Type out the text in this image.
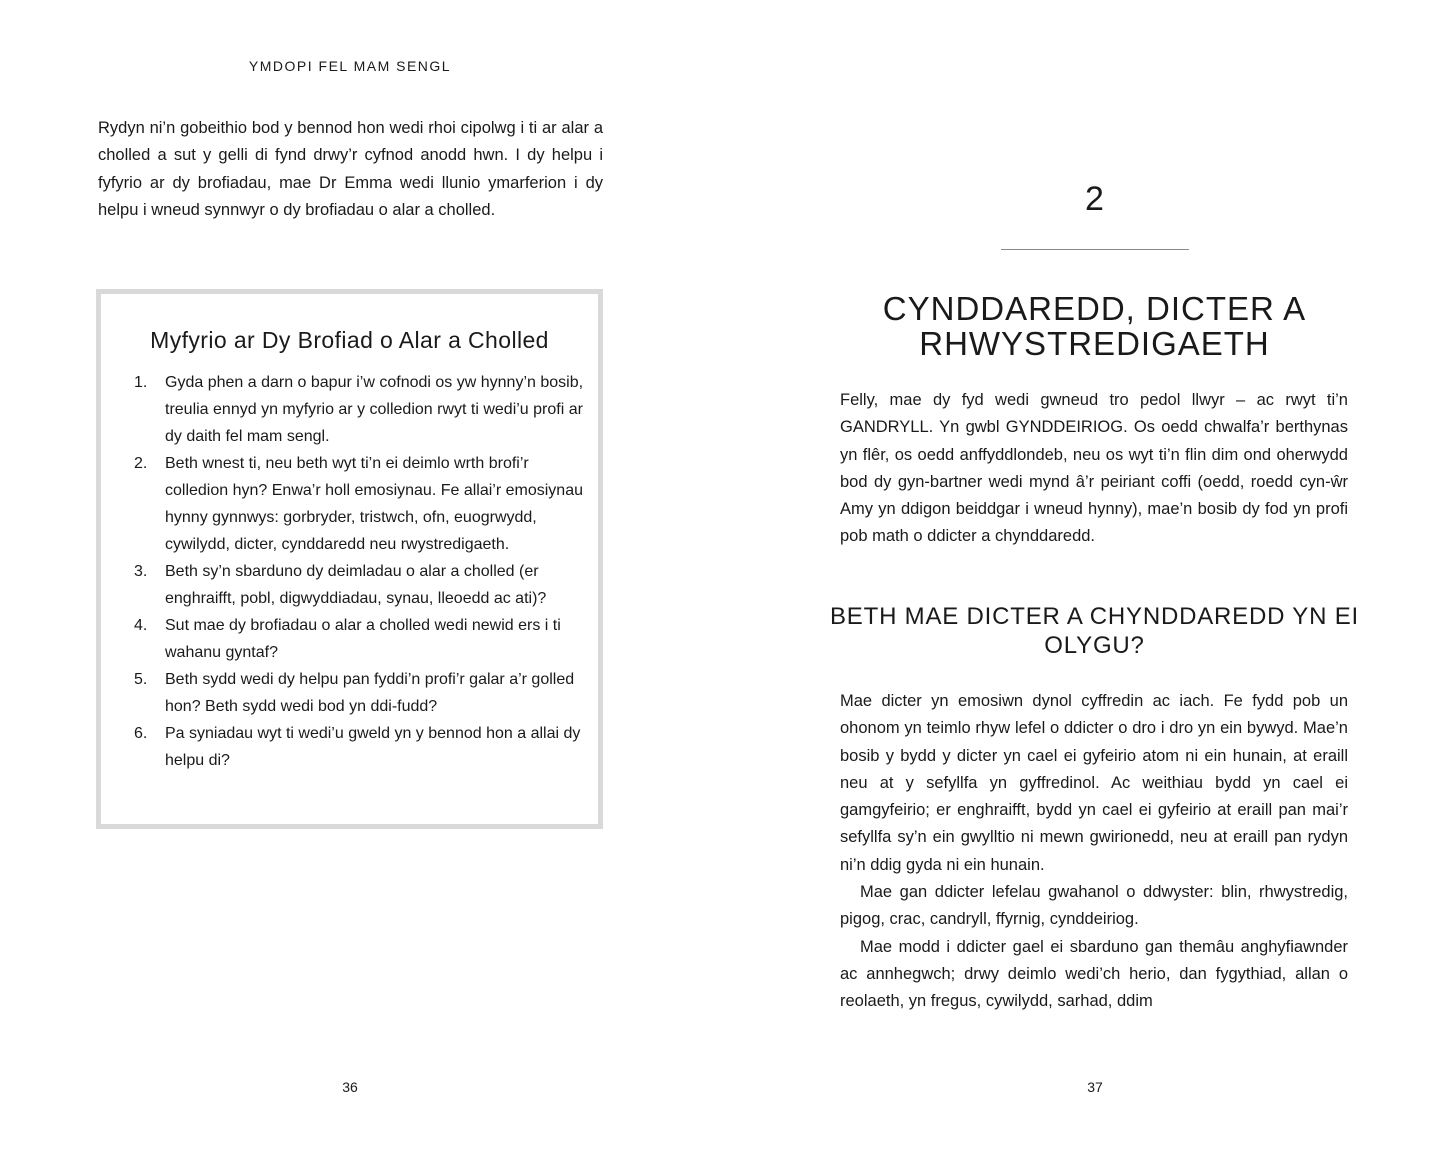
YMDOPI FEL MAM SENGL

Rydyn ni’n gobeithio bod y bennod hon wedi rhoi cipolwg i ti ar alar a cholled a sut y gelli di fynd drwy’r cyfnod anodd hwn. I dy helpu i fyfyrio ar dy brofiadau, mae Dr Emma wedi llunio ymarferion i dy helpu i wneud synnwyr o dy brofiadau o alar a cholled.

Myfyrio ar Dy Brofiad o Alar a Cholled
1.	Gyda phen a darn o bapur i’w cofnodi os yw hynny’n bosib, treulia ennyd yn myfyrio ar y colledion rwyt ti wedi’u profi ar dy daith fel mam sengl.
2.	Beth wnest ti, neu beth wyt ti’n ei deimlo wrth brofi’r colledion hyn? Enwa’r holl emosiynau. Fe allai’r emosiynau hynny gynnwys: gorbryder, tristwch, ofn, euogrwydd, cywilydd, dicter, cynddaredd neu rwystredigaeth.
3.	Beth sy’n sbarduno dy deimladau o alar a cholled (er enghraifft, pobl, digwyddiadau, synau, lleoedd ac ati)?
4.	Sut mae dy brofiadau o alar a cholled wedi newid ers i ti wahanu gyntaf?
5.	Beth sydd wedi dy helpu pan fyddi’n profi’r galar a’r golled hon? Beth sydd wedi bod yn ddi-fudd?
6.	Pa syniadau wyt ti wedi’u gweld yn y bennod hon a allai dy helpu di?
36
2
CYNDDAREDD, DICTER A RHWYSTREDIGAETH

Felly, mae dy fyd wedi gwneud tro pedol llwyr – ac rwyt ti’n GANDRYLL. Yn gwbl GYNDDEIRIOG. Os oedd chwalfa’r berthynas yn flêr, os oedd anffyddlondeb, neu os wyt ti’n flin dim ond oherwydd bod dy gyn-bartner wedi mynd â’r peiriant coffi (oedd, roedd cyn-ŵr Amy yn ddigon beiddgar i wneud hynny), mae’n bosib dy fod yn profi pob math o ddicter a chynddaredd.

BETH MAE DICTER A CHYNDDAREDD YN EI OLYGU?

Mae dicter yn emosiwn dynol cyffredin ac iach. Fe fydd pob un ohonom yn teimlo rhyw lefel o ddicter o dro i dro yn ein bywyd. Mae’n bosib y bydd y dicter yn cael ei gyfeirio atom ni ein hunain, at eraill neu at y sefyllfa yn gyffredinol. Ac weithiau bydd yn cael ei gamgyfeirio; er enghraifft, bydd yn cael ei gyfeirio at eraill pan mai’r sefyllfa sy’n ein gwylltio ni mewn gwirionedd, neu at eraill pan rydyn ni’n ddig gyda ni ein hunain.

Mae gan ddicter lefelau gwahanol o ddwyster: blin, rhwystredig, pigog, crac, candryll, ffyrnig, cynddeiriog.

Mae modd i ddicter gael ei sbarduno gan themâu anghyfiawnder ac annhegwch; drwy deimlo wedi’ch herio, dan fygythiad, allan o reolaeth, yn fregus, cywilydd, sarhad, ddim

37
